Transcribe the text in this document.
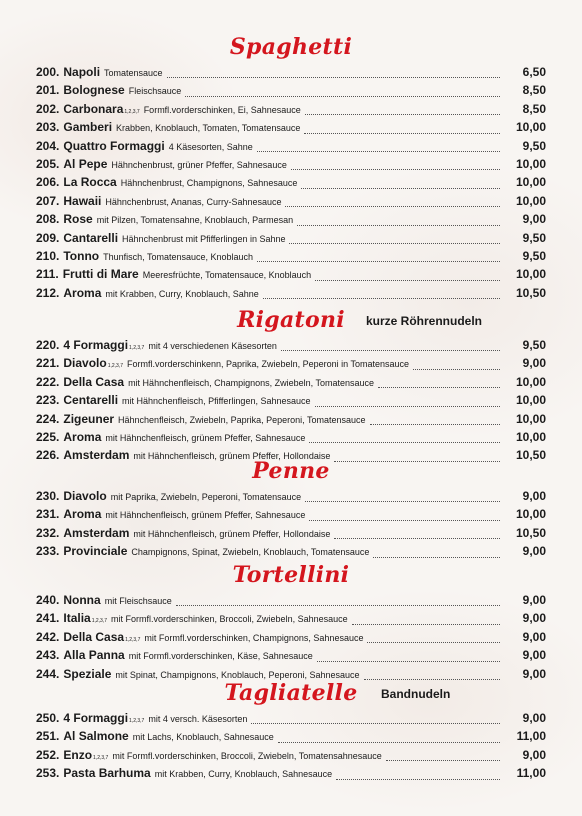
Spaghetti
200. Napoli Tomatensauce	6,50
201. Bolognese Fleischsauce	8,50
202. Carbonara 1,2,3,7 Formfl.vorderschinken, Ei, Sahnesauce	8,50
203. Gamberi Krabben, Knoblauch, Tomaten, Tomatensauce	10,00
204. Quattro Formaggi 4 Käsesorten, Sahne	9,50
205. Al Pepe Hähnchenbrust, grüner Pfeffer, Sahnesauce	10,00
206. La Rocca Hähnchenbrust, Champignons, Sahnesauce	10,00
207. Hawaii Hähnchenbrust, Ananas, Curry-Sahnesauce	10,00
208. Rose mit Pilzen, Tomatensahne, Knoblauch, Parmesan	9,00
209. Cantarelli Hähnchenbrust mit Pfifferlingen in Sahne	9,50
210. Tonno Thunfisch, Tomatensauce, Knoblauch	9,50
211. Frutti di Mare Meeresfrüchte, Tomatensauce, Knoblauch	10,00
212. Aroma mit Krabben, Curry, Knoblauch, Sahne	10,50
Rigatoni kurze Röhrennudeln
220. 4 Formaggi 1,2,3,7 mit 4 verschiedenen Käsesorten	9,50
221. Diavolo 1,2,3,7 Formfl.vorderschinkenn, Paprika, Zwiebeln, Peperoni in Tomatensauce	9,00
222. Della Casa mit Hähnchenfleisch, Champignons, Zwiebeln, Tomatensauce	10,00
223. Centarelli mit Hähnchenfleisch, Pfifferlingen, Sahnesauce	10,00
224. Zigeuner Hähnchenfleisch, Zwiebeln, Paprika, Peperoni, Tomatensauce	10,00
225. Aroma mit Hähnchenfleisch, grünem Pfeffer, Sahnesauce	10,00
226. Amsterdam mit Hähnchenfleisch, grünem Pfeffer, Hollondaise	10,50
Penne
230. Diavolo mit Paprika, Zwiebeln, Peperoni, Tomatensauce	9,00
231. Aroma mit Hähnchenfleisch, grünem Pfeffer, Sahnesauce	10,00
232. Amsterdam mit Hähnchenfleisch, grünem Pfeffer, Hollondaise	10,50
233. Provinciale Champignons, Spinat, Zwiebeln, Knoblauch, Tomatensauce	9,00
Tortellini
240. Nonna mit Fleischsauce	9,00
241. Italia 1,2,3,7 mit Formfl.vorderschinken, Broccoli, Zwiebeln, Sahnesauce	9,00
242. Della Casa 1,2,3,7 mit Formfl.vorderschinken, Champignons, Sahnesauce	9,00
243. Alla Panna mit Formfl.vorderschinken, Käse, Sahnesauce	9,00
244. Speziale mit Spinat, Champignons, Knoblauch, Peperoni, Sahnesauce	9,00
Tagliatelle Bandnudeln
250. 4 Formaggi 1,2,3,7 mit 4 versch. Käsesorten	9,00
251. Al Salmone mit Lachs, Knoblauch, Sahnesauce	11,00
252. Enzo 1,2,3,7 mit Formfl.vorderschinken, Broccoli, Zwiebeln, Tomatensahnesauce	9,00
253. Pasta Barhuma mit Krabben, Curry, Knoblauch, Sahnesauce	11,00
